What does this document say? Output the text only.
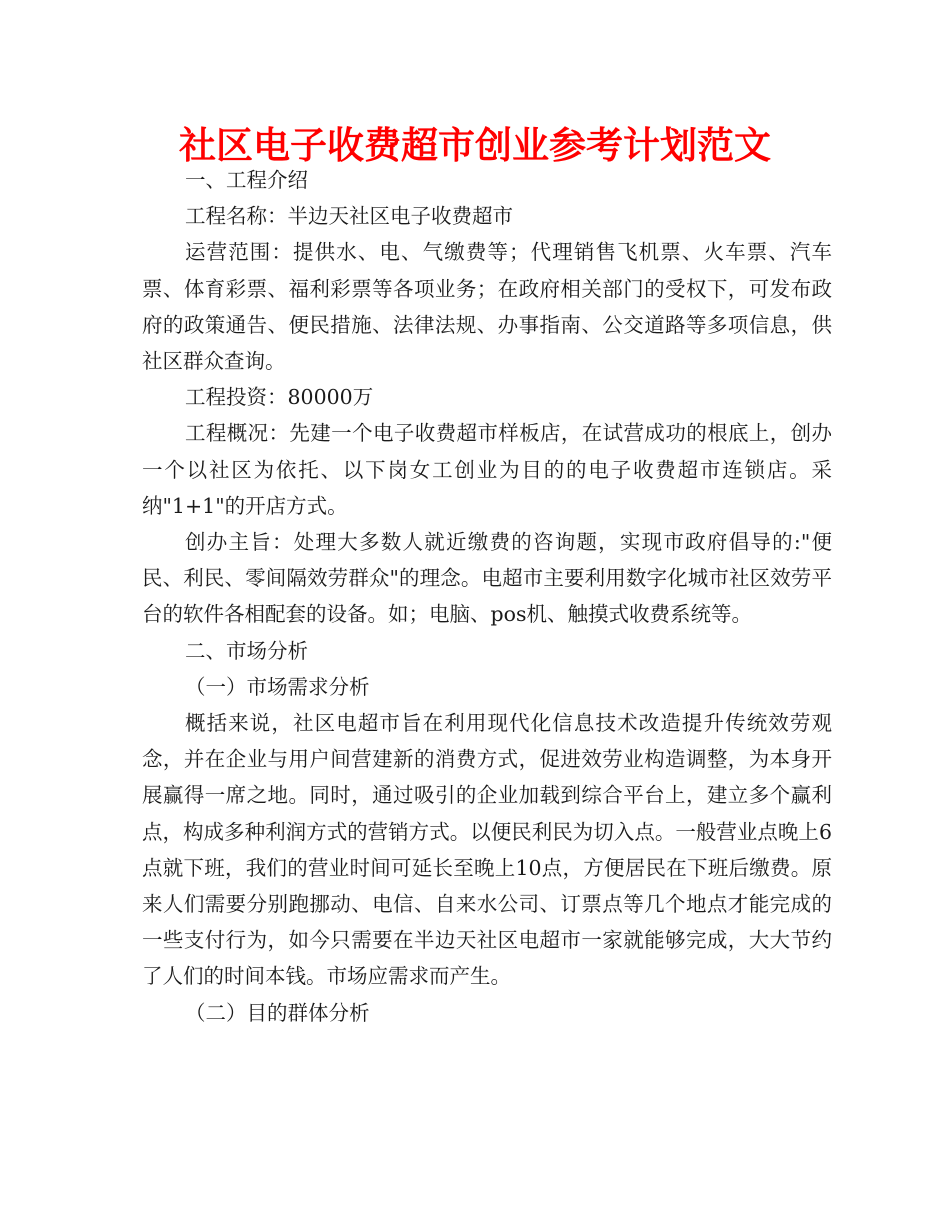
社区电子收费超市创业参考计划范文

一、工程介绍

工程名称：半边天社区电子收费超市

运营范围：提供水、电、气缴费等；代理销售飞机票、火车票、汽车票、体育彩票、福利彩票等各项业务；在政府相关部门的受权下，可发布政府的政策通告、便民措施、法律法规、办事指南、公交道路等多项信息，供社区群众查询。

工程投资：80000万

工程概况：先建一个电子收费超市样板店，在试营成功的根底上，创办一个以社区为依托、以下岗女工创业为目的的电子收费超市连锁店。采纳"1+1"的开店方式。

创办主旨：处理大多数人就近缴费的咨询题，实现市政府倡导的:"便民、利民、零间隔效劳群众"的理念。电超市主要利用数字化城市社区效劳平台的软件各相配套的设备。如；电脑、pos机、触摸式收费系统等。

二、市场分析

（一）市场需求分析

概括来说，社区电超市旨在利用现代化信息技术改造提升传统效劳观念，并在企业与用户间营建新的消费方式，促进效劳业构造调整，为本身开展赢得一席之地。同时，通过吸引的企业加载到综合平台上，建立多个赢利点，构成多种利润方式的营销方式。以便民利民为切入点。一般营业点晚上6点就下班，我们的营业时间可延长至晚上10点，方便居民在下班后缴费。原来人们需要分别跑挪动、电信、自来水公司、订票点等几个地点才能完成的一些支付行为，如今只需要在半边天社区电超市一家就能够完成，大大节约了人们的时间本钱。市场应需求而产生。

（二）目的群体分析
